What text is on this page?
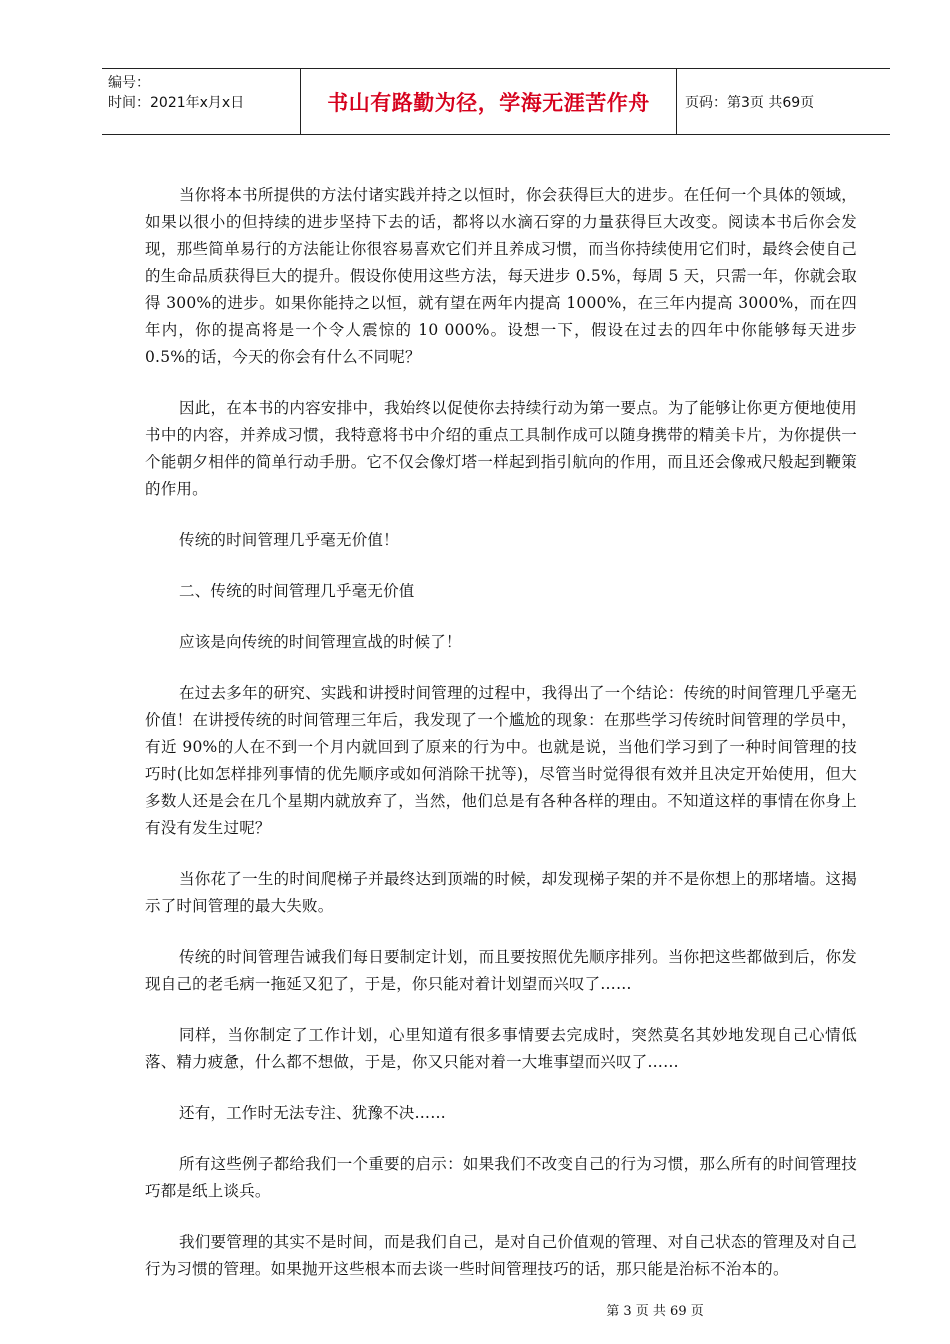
编号：
时间：2021年x月x日	书山有路勤为径，学海无涯苦作舟	页码：第3页 共69页

当你将本书所提供的方法付诸实践并持之以恒时，你会获得巨大的进步。在任何一个具体的领域，如果以很小的但持续的进步坚持下去的话，都将以水滴石穿的力量获得巨大改变。阅读本书后你会发现，那些简单易行的方法能让你很容易喜欢它们并且养成习惯，而当你持续使用它们时，最终会使自己的生命品质获得巨大的提升。假设你使用这些方法，每天进步 0.5%，每周 5 天，只需一年，你就会取得 300%的进步。如果你能持之以恒，就有望在两年内提高 1000%，在三年内提高 3000%，而在四年内，你的提高将是一个令人震惊的 10 000%。设想一下，假设在过去的四年中你能够每天进步 0.5%的话，今天的你会有什么不同呢？

因此，在本书的内容安排中，我始终以促使你去持续行动为第一要点。为了能够让你更方便地使用书中的内容，并养成习惯，我特意将书中介绍的重点工具制作成可以随身携带的精美卡片，为你提供一个能朝夕相伴的简单行动手册。它不仅会像灯塔一样起到指引航向的作用，而且还会像戒尺般起到鞭策的作用。

传统的时间管理几乎毫无价值！

二、传统的时间管理几乎毫无价值

应该是向传统的时间管理宣战的时候了！

在过去多年的研究、实践和讲授时间管理的过程中，我得出了一个结论：传统的时间管理几乎毫无价值！在讲授传统的时间管理三年后，我发现了一个尴尬的现象：在那些学习传统时间管理的学员中，有近 90%的人在不到一个月内就回到了原来的行为中。也就是说，当他们学习到了一种时间管理的技巧时(比如怎样排列事情的优先顺序或如何消除干扰等)，尽管当时觉得很有效并且决定开始使用，但大多数人还是会在几个星期内就放弃了，当然，他们总是有各种各样的理由。不知道这样的事情在你身上有没有发生过呢？

当你花了一生的时间爬梯子并最终达到顶端的时候，却发现梯子架的并不是你想上的那堵墙。这揭示了时间管理的最大失败。

传统的时间管理告诫我们每日要制定计划，而且要按照优先顺序排列。当你把这些都做到后，你发现自己的老毛病一拖延又犯了，于是，你只能对着计划望而兴叹了……

同样，当你制定了工作计划，心里知道有很多事情要去完成时，突然莫名其妙地发现自己心情低落、精力疲惫，什么都不想做，于是，你又只能对着一大堆事望而兴叹了……

还有，工作时无法专注、犹豫不决……

所有这些例子都给我们一个重要的启示：如果我们不改变自己的行为习惯，那么所有的时间管理技巧都是纸上谈兵。

我们要管理的其实不是时间，而是我们自己，是对自己价值观的管理、对自己状态的管理及对自己行为习惯的管理。如果抛开这些根本而去谈一些时间管理技巧的话，那只能是治标不治本的。

第 3 页 共 69 页
